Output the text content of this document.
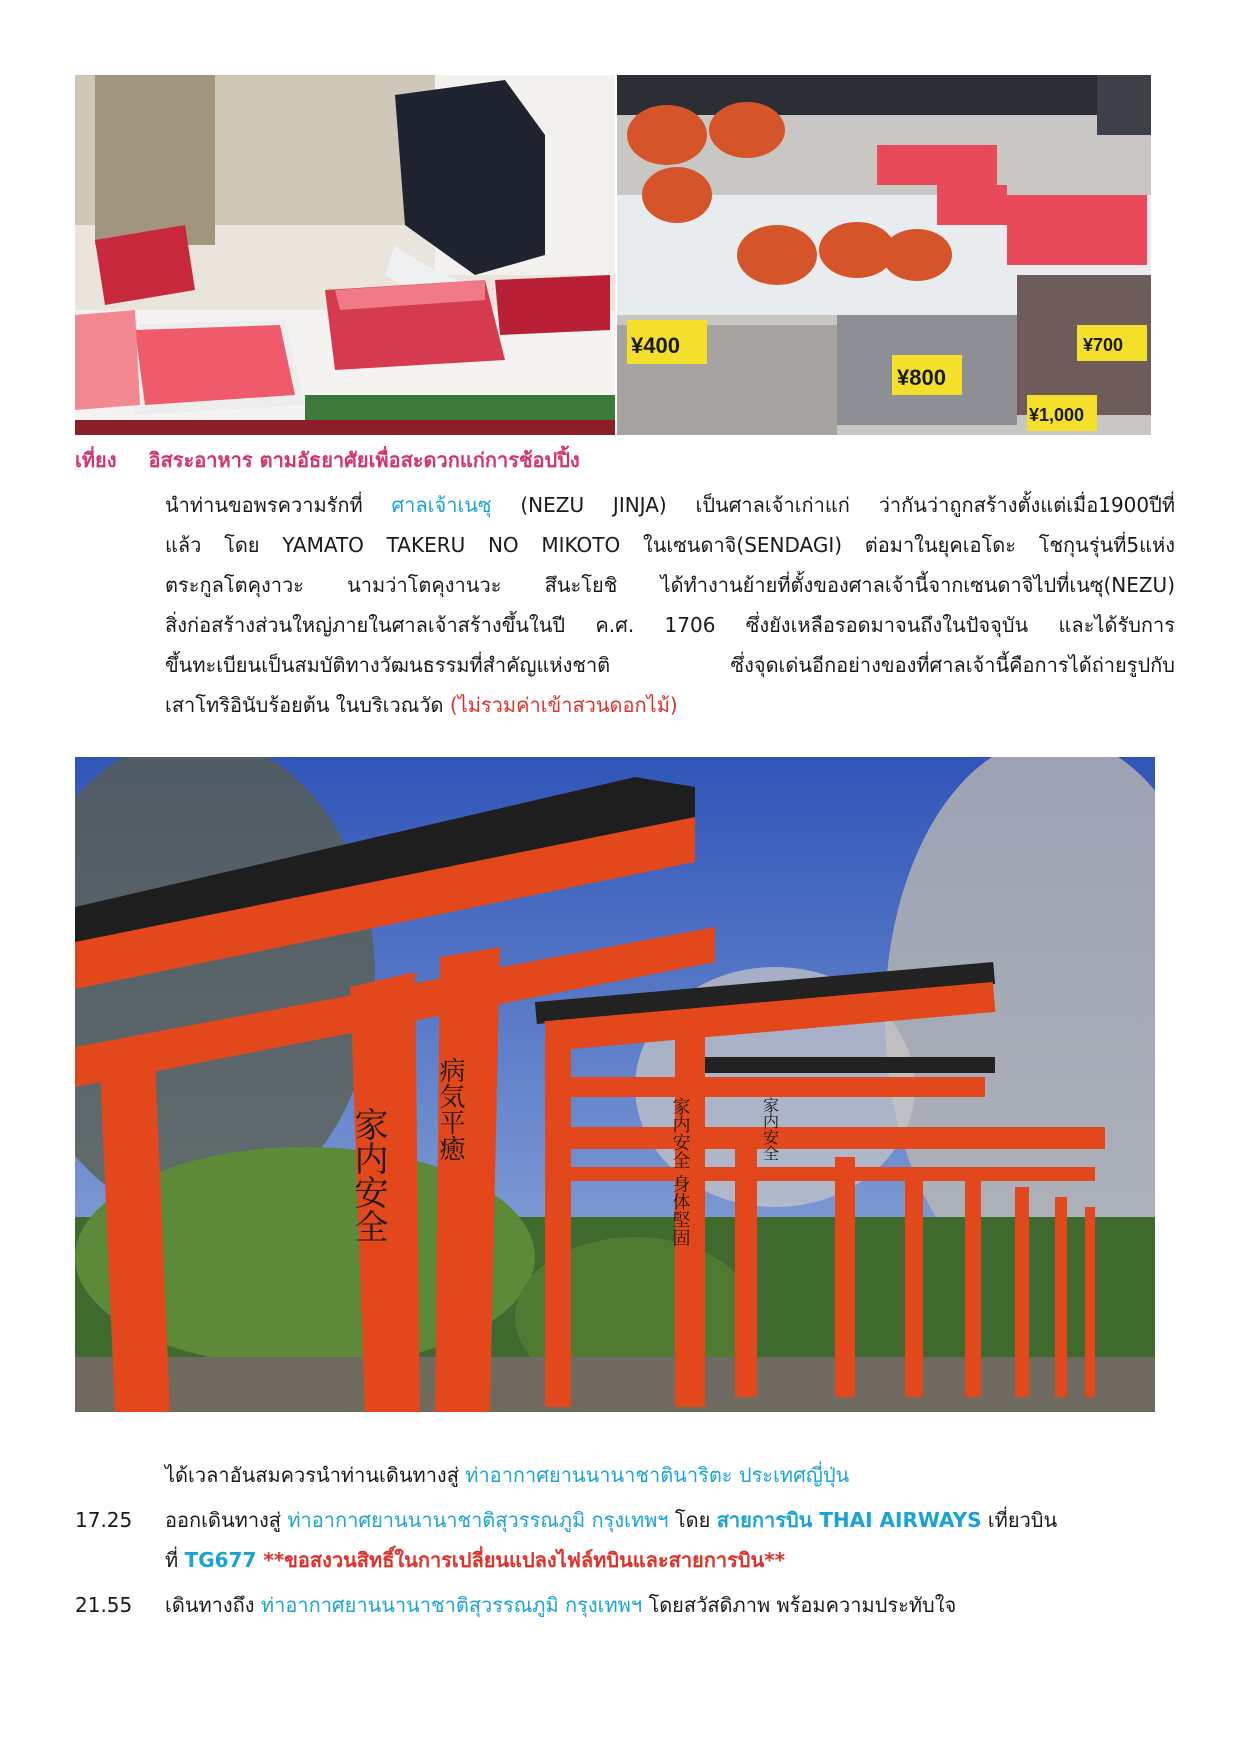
¥400
¥800
¥1,000
¥700
เที่ยง อิสระอาหาร ตามอัธยาศัยเพื่อสะดวกแก่การช้อปปิ้ง
นำท่านขอพรความรักที่ ศาลเจ้าเนซุ (NEZU JINJA) เป็นศาลเจ้าเก่าแก่ ว่ากันว่าถูกสร้างตั้งแต่เมื่อ1900ปีที่
แล้ว โดย YAMATO TAKERU NO MIKOTO ในเซนดาจิ(SENDAGI) ต่อมาในยุคเอโดะ โชกุนรุ่นที่5แห่ง
ตระกูลโตคุงาวะ นามว่าโตคุงานวะ สึนะโยชิ ได้ทำงานย้ายที่ตั้งของศาลเจ้านี้จากเซนดาจิไปที่เนซุ(NEZU)
สิ่งก่อสร้างส่วนใหญ่ภายในศาลเจ้าสร้างขึ้นในปี ค.ศ. 1706 ซึ่งยังเหลือรอดมาจนถึงในปัจจุบัน และได้รับการ
ขึ้นทะเบียนเป็นสมบัติทางวัฒนธรรมที่สำคัญแห่งชาติ ซึ่งจุดเด่นอีกอย่างของที่ศาลเจ้านี้คือการได้ถ่ายรูปกับ
เสาโทริอินับร้อยต้น ในบริเวณวัด (ไม่รวมค่าเข้าสวนดอกไม้)
家内安全 病気平癒	家内安全 身体堅固	家内安全
ได้เวลาอันสมควรนำท่านเดินทางสู่ ท่าอากาศยานนานาชาตินาริตะ ประเทศญี่ปุ่น
17.25 ออกเดินทางสู่ ท่าอากาศยานนานาชาติสุวรรณภูมิ กรุงเทพฯ โดย สายการบิน THAI AIRWAYS เที่ยวบิน
ที่ TG677 **ขอสงวนสิทธิ์ในการเปลี่ยนแปลงไฟล์ทบินและสายการบิน**
21.55 เดินทางถึง ท่าอากาศยานนานาชาติสุวรรณภูมิ กรุงเทพฯ โดยสวัสดิภาพ พร้อมความประทับใจ
